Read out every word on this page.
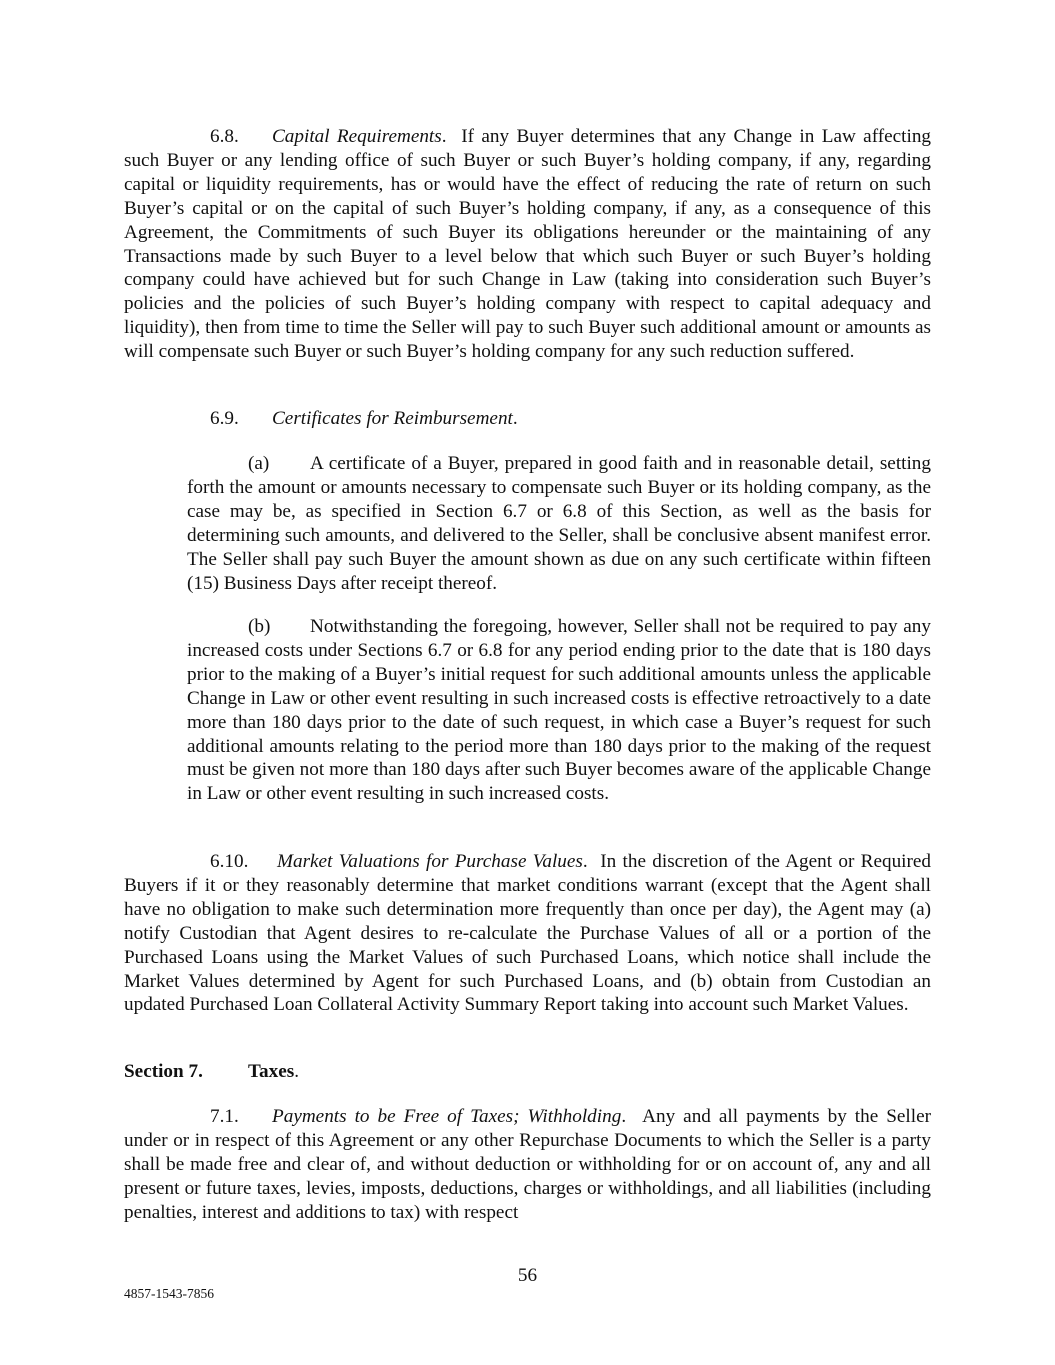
6.8. Capital Requirements. If any Buyer determines that any Change in Law affecting such Buyer or any lending office of such Buyer or such Buyer’s holding company, if any, regarding capital or liquidity requirements, has or would have the effect of reducing the rate of return on such Buyer’s capital or on the capital of such Buyer’s holding company, if any, as a consequence of this Agreement, the Commitments of such Buyer its obligations hereunder or the maintaining of any Transactions made by such Buyer to a level below that which such Buyer or such Buyer’s holding company could have achieved but for such Change in Law (taking into consideration such Buyer’s policies and the policies of such Buyer’s holding company with respect to capital adequacy and liquidity), then from time to time the Seller will pay to such Buyer such additional amount or amounts as will compensate such Buyer or such Buyer’s holding company for any such reduction suffered.

6.9. Certificates for Reimbursement.

(a) A certificate of a Buyer, prepared in good faith and in reasonable detail, setting forth the amount or amounts necessary to compensate such Buyer or its holding company, as the case may be, as specified in Section 6.7 or 6.8 of this Section, as well as the basis for determining such amounts, and delivered to the Seller, shall be conclusive absent manifest error. The Seller shall pay such Buyer the amount shown as due on any such certificate within fifteen (15) Business Days after receipt thereof.

(b) Notwithstanding the foregoing, however, Seller shall not be required to pay any increased costs under Sections 6.7 or 6.8 for any period ending prior to the date that is 180 days prior to the making of a Buyer’s initial request for such additional amounts unless the applicable Change in Law or other event resulting in such increased costs is effective retroactively to a date more than 180 days prior to the date of such request, in which case a Buyer’s request for such additional amounts relating to the period more than 180 days prior to the making of the request must be given not more than 180 days after such Buyer becomes aware of the applicable Change in Law or other event resulting in such increased costs.

6.10. Market Valuations for Purchase Values. In the discretion of the Agent or Required Buyers if it or they reasonably determine that market conditions warrant (except that the Agent shall have no obligation to make such determination more frequently than once per day), the Agent may (a) notify Custodian that Agent desires to re-calculate the Purchase Values of all or a portion of the Purchased Loans using the Market Values of such Purchased Loans, which notice shall include the Market Values determined by Agent for such Purchased Loans, and (b) obtain from Custodian an updated Purchased Loan Collateral Activity Summary Report taking into account such Market Values.

Section 7. Taxes.

7.1. Payments to be Free of Taxes; Withholding. Any and all payments by the Seller under or in respect of this Agreement or any other Repurchase Documents to which the Seller is a party shall be made free and clear of, and without deduction or withholding for or on account of, any and all present or future taxes, levies, imposts, deductions, charges or withholdings, and all liabilities (including penalties, interest and additions to tax) with respect

56
4857-1543-7856
